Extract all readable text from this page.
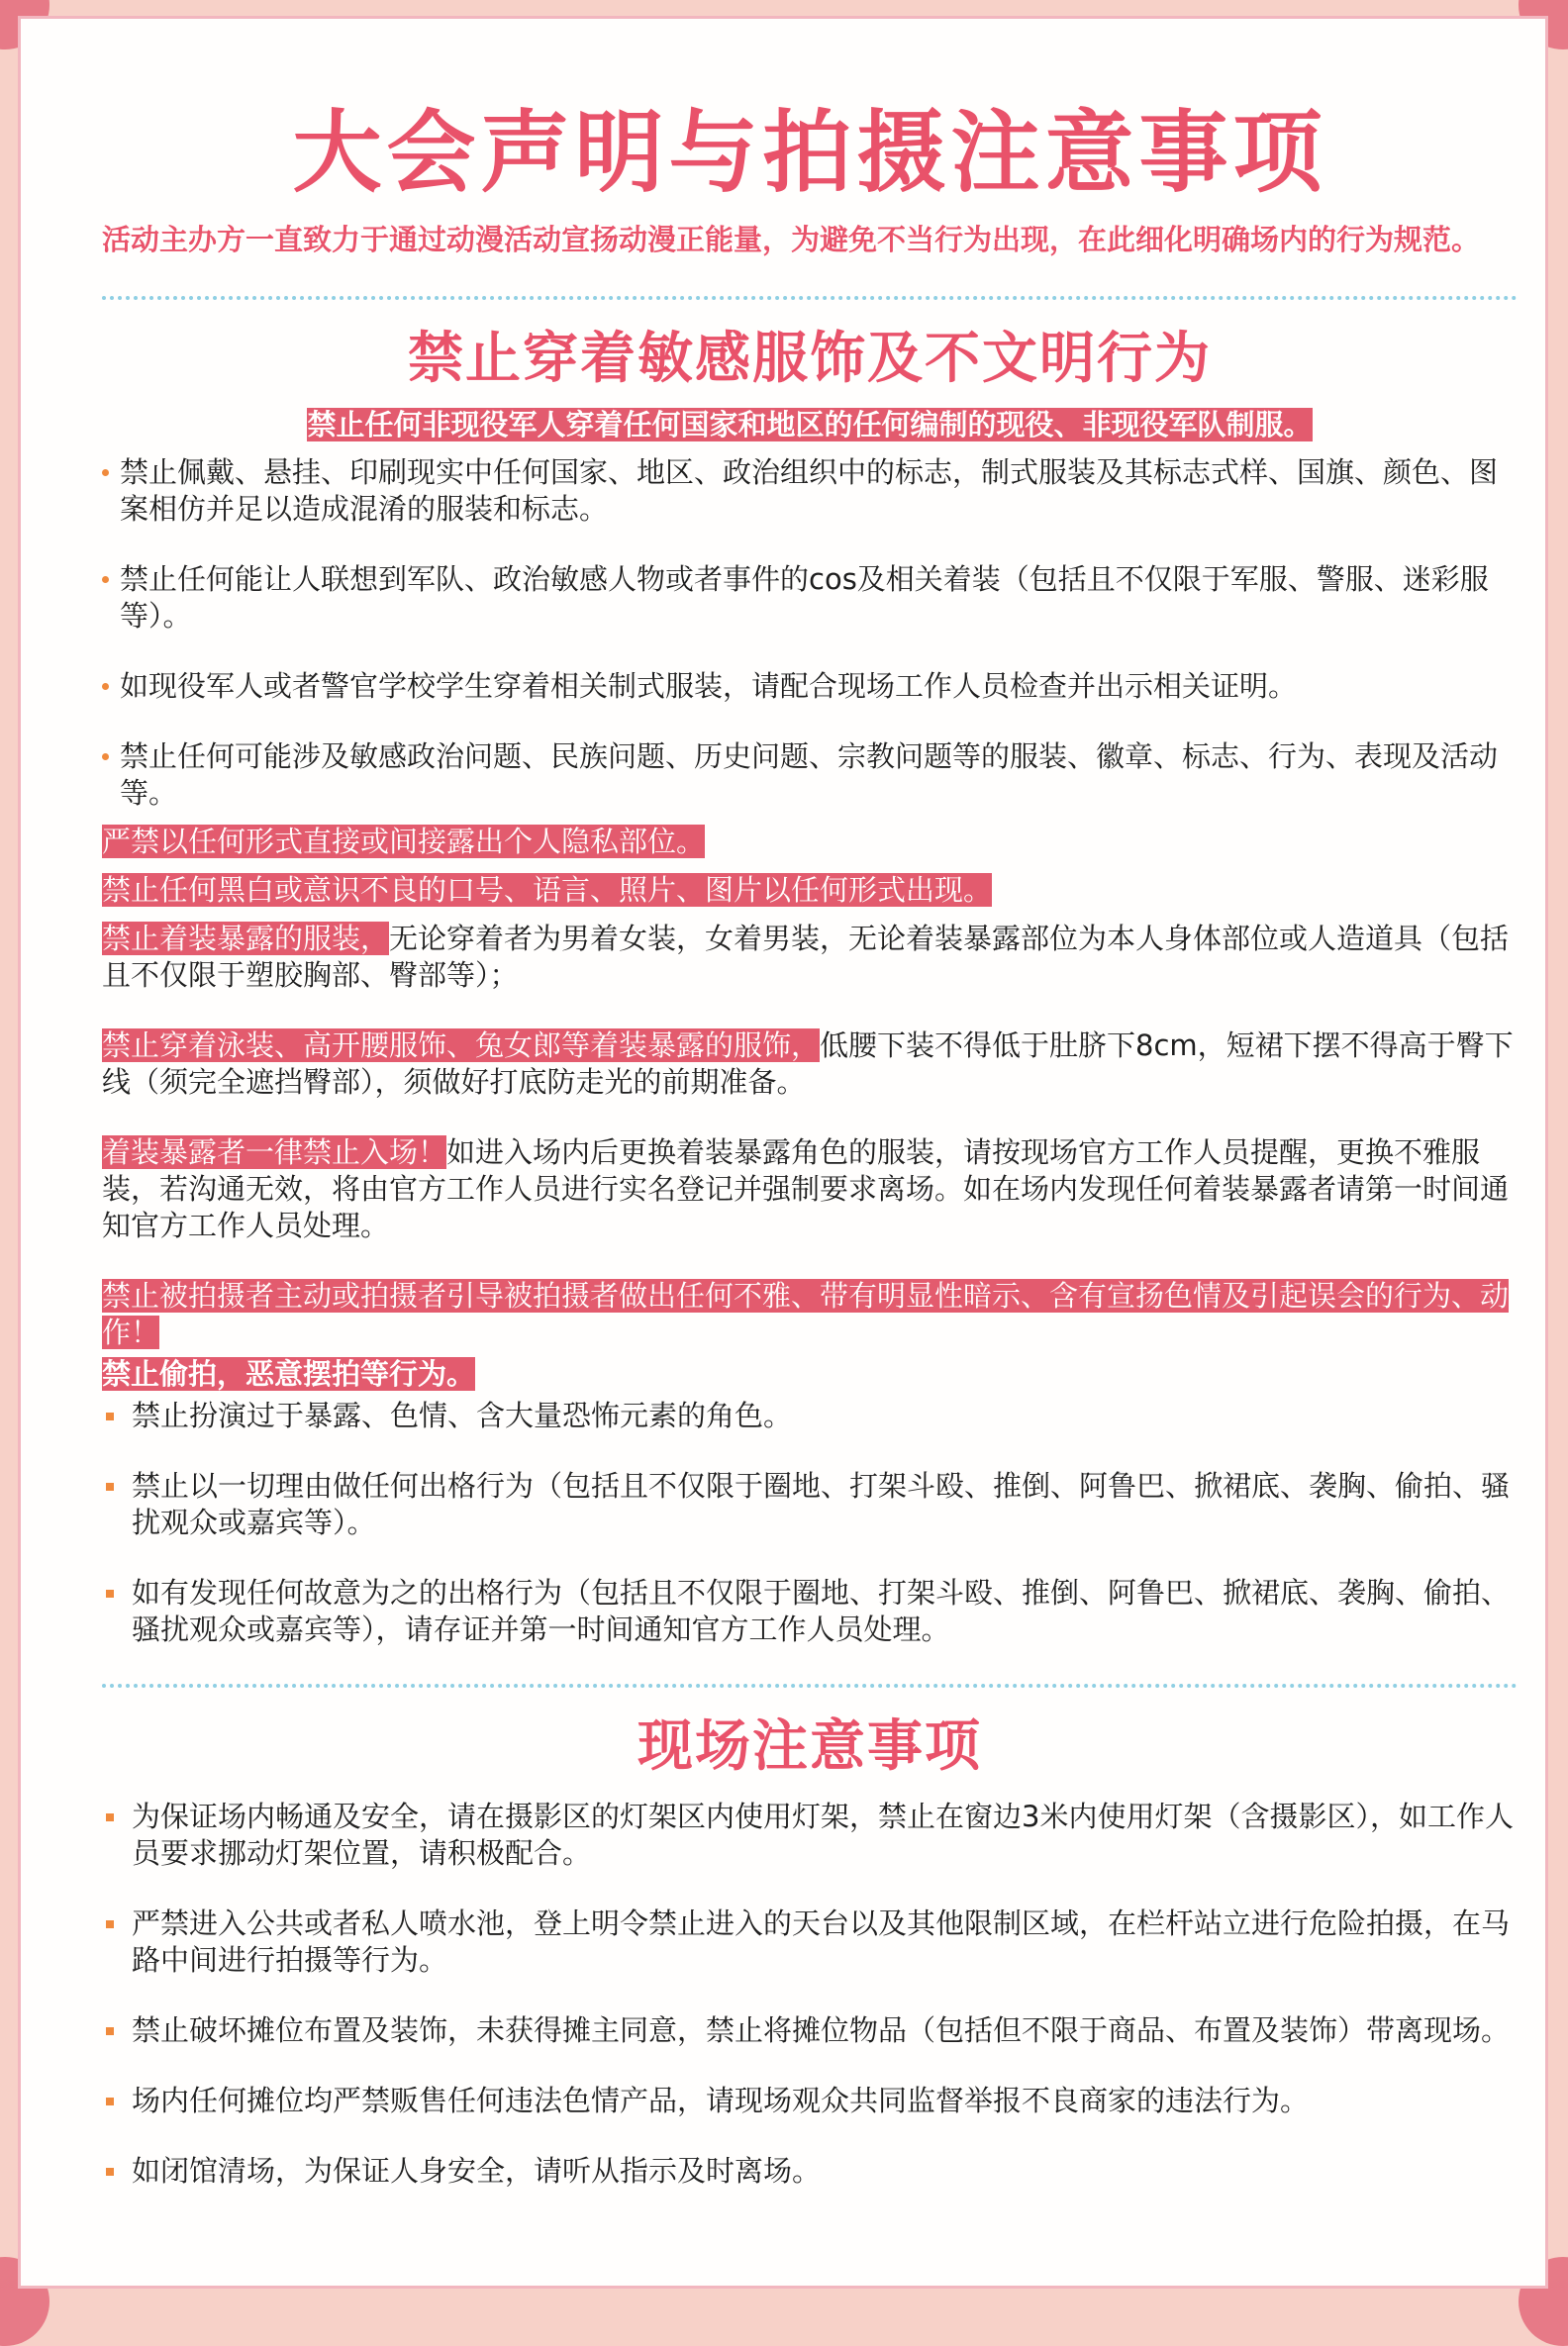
大会声明与拍摄注意事项

活动主办方一直致力于通过动漫活动宣扬动漫正能量，为避免不当行为出现，在此细化明确场内的行为规范。

禁止穿着敏感服饰及不文明行为
禁止任何非现役军人穿着任何国家和地区的任何编制的现役、非现役军队制服。
禁止佩戴、悬挂、印刷现实中任何国家、地区、政治组织中的标志，制式服装及其标志式样、国旗、颜色、图案相仿并足以造成混淆的服装和标志。
禁止任何能让人联想到军队、政治敏感人物或者事件的cos及相关着装（包括且不仅限于军服、警服、迷彩服等）。
如现役军人或者警官学校学生穿着相关制式服装，请配合现场工作人员检查并出示相关证明。
禁止任何可能涉及敏感政治问题、民族问题、历史问题、宗教问题等的服装、徽章、标志、行为、表现及活动等。

严禁以任何形式直接或间接露出个人隐私部位。

禁止任何黑白或意识不良的口号、语言、照片、图片以任何形式出现。

禁止着装暴露的服装，无论穿着者为男着女装，女着男装，无论着装暴露部位为本人身体部位或人造道具（包括且不仅限于塑胶胸部、臀部等）；

禁止穿着泳装、高开腰服饰、兔女郎等着装暴露的服饰，低腰下装不得低于肚脐下8cm，短裙下摆不得高于臀下线（须完全遮挡臀部），须做好打底防走光的前期准备。

着装暴露者一律禁止入场！如进入场内后更换着装暴露角色的服装，请按现场官方工作人员提醒，更换不雅服装，若沟通无效，将由官方工作人员进行实名登记并强制要求离场。如在场内发现任何着装暴露者请第一时间通知官方工作人员处理。

禁止被拍摄者主动或拍摄者引导被拍摄者做出任何不雅、带有明显性暗示、含有宣扬色情及引起误会的行为、动作！

禁止偷拍，恶意摆拍等行为。

禁止扮演过于暴露、色情、含大量恐怖元素的角色。
禁止以一切理由做任何出格行为（包括且不仅限于圈地、打架斗殴、推倒、阿鲁巴、掀裙底、袭胸、偷拍、骚扰观众或嘉宾等）。
如有发现任何故意为之的出格行为（包括且不仅限于圈地、打架斗殴、推倒、阿鲁巴、掀裙底、袭胸、偷拍、骚扰观众或嘉宾等），请存证并第一时间通知官方工作人员处理。
现场注意事项
为保证场内畅通及安全，请在摄影区的灯架区内使用灯架，禁止在窗边3米内使用灯架（含摄影区），如工作人员要求挪动灯架位置，请积极配合。
严禁进入公共或者私人喷水池，登上明令禁止进入的天台以及其他限制区域，在栏杆站立进行危险拍摄，在马路中间进行拍摄等行为。
禁止破坏摊位布置及装饰，未获得摊主同意，禁止将摊位物品（包括但不限于商品、布置及装饰）带离现场。
场内任何摊位均严禁贩售任何违法色情产品，请现场观众共同监督举报不良商家的违法行为。
如闭馆清场，为保证人身安全，请听从指示及时离场。
